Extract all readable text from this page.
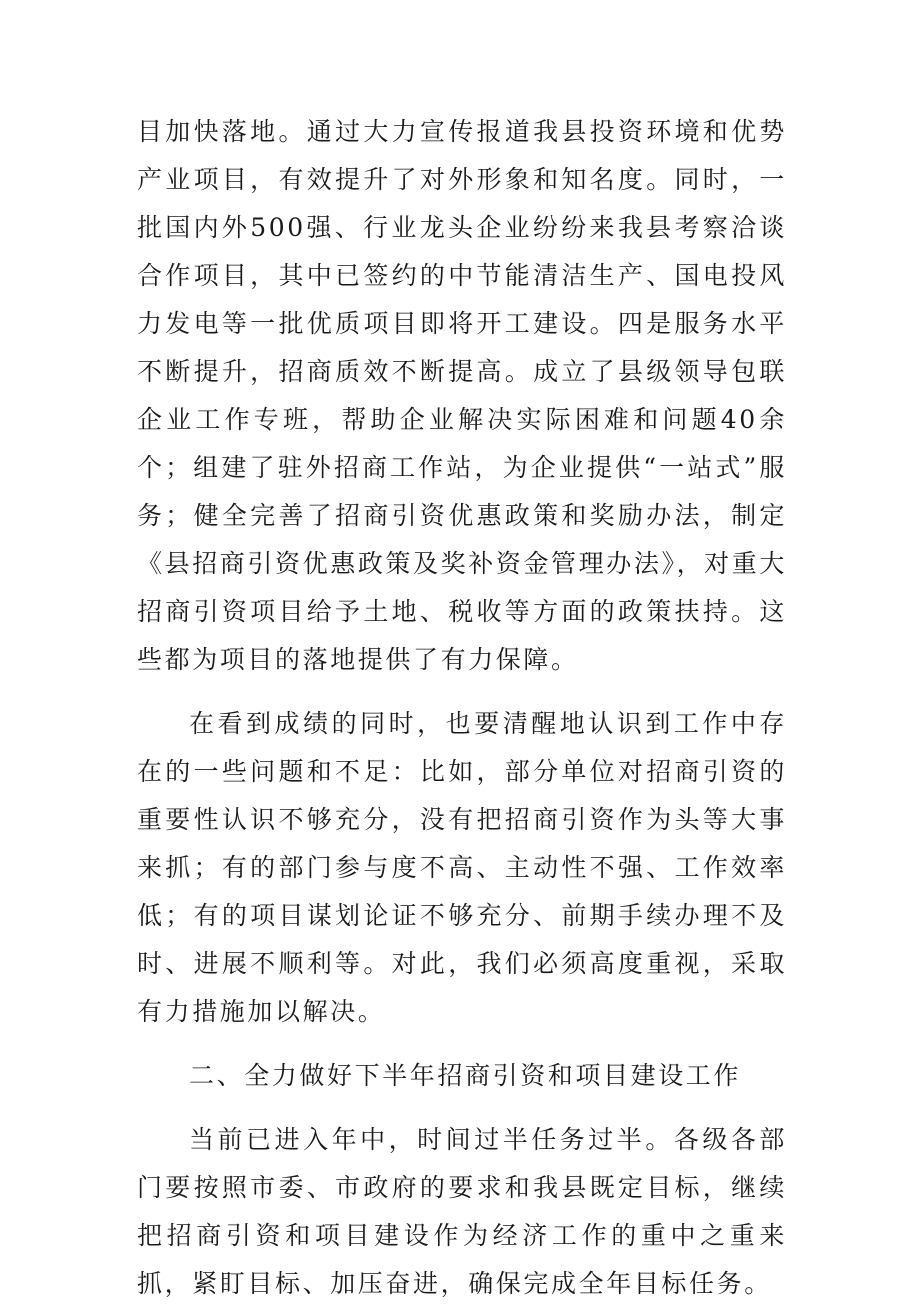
目加快落地。通过大力宣传报道我县投资环境和优势产业项目，有效提升了对外形象和知名度。同时，一批国内外500强、行业龙头企业纷纷来我县考察洽谈合作项目，其中已签约的中节能清洁生产、国电投风力发电等一批优质项目即将开工建设。四是服务水平不断提升，招商质效不断提高。成立了县级领导包联企业工作专班，帮助企业解决实际困难和问题40余个；组建了驻外招商工作站，为企业提供“一站式”服务；健全完善了招商引资优惠政策和奖励办法，制定《县招商引资优惠政策及奖补资金管理办法》，对重大招商引资项目给予土地、税收等方面的政策扶持。这些都为项目的落地提供了有力保障。

在看到成绩的同时，也要清醒地认识到工作中存在的一些问题和不足：比如，部分单位对招商引资的重要性认识不够充分，没有把招商引资作为头等大事来抓；有的部门参与度不高、主动性不强、工作效率低；有的项目谋划论证不够充分、前期手续办理不及时、进展不顺利等。对此，我们必须高度重视，采取有力措施加以解决。

二、全力做好下半年招商引资和项目建设工作

当前已进入年中，时间过半任务过半。各级各部门要按照市委、市政府的要求和我县既定目标，继续把招商引资和项目建设作为经济工作的重中之重来抓，紧盯目标、加压奋进，确保完成全年目标任务。
